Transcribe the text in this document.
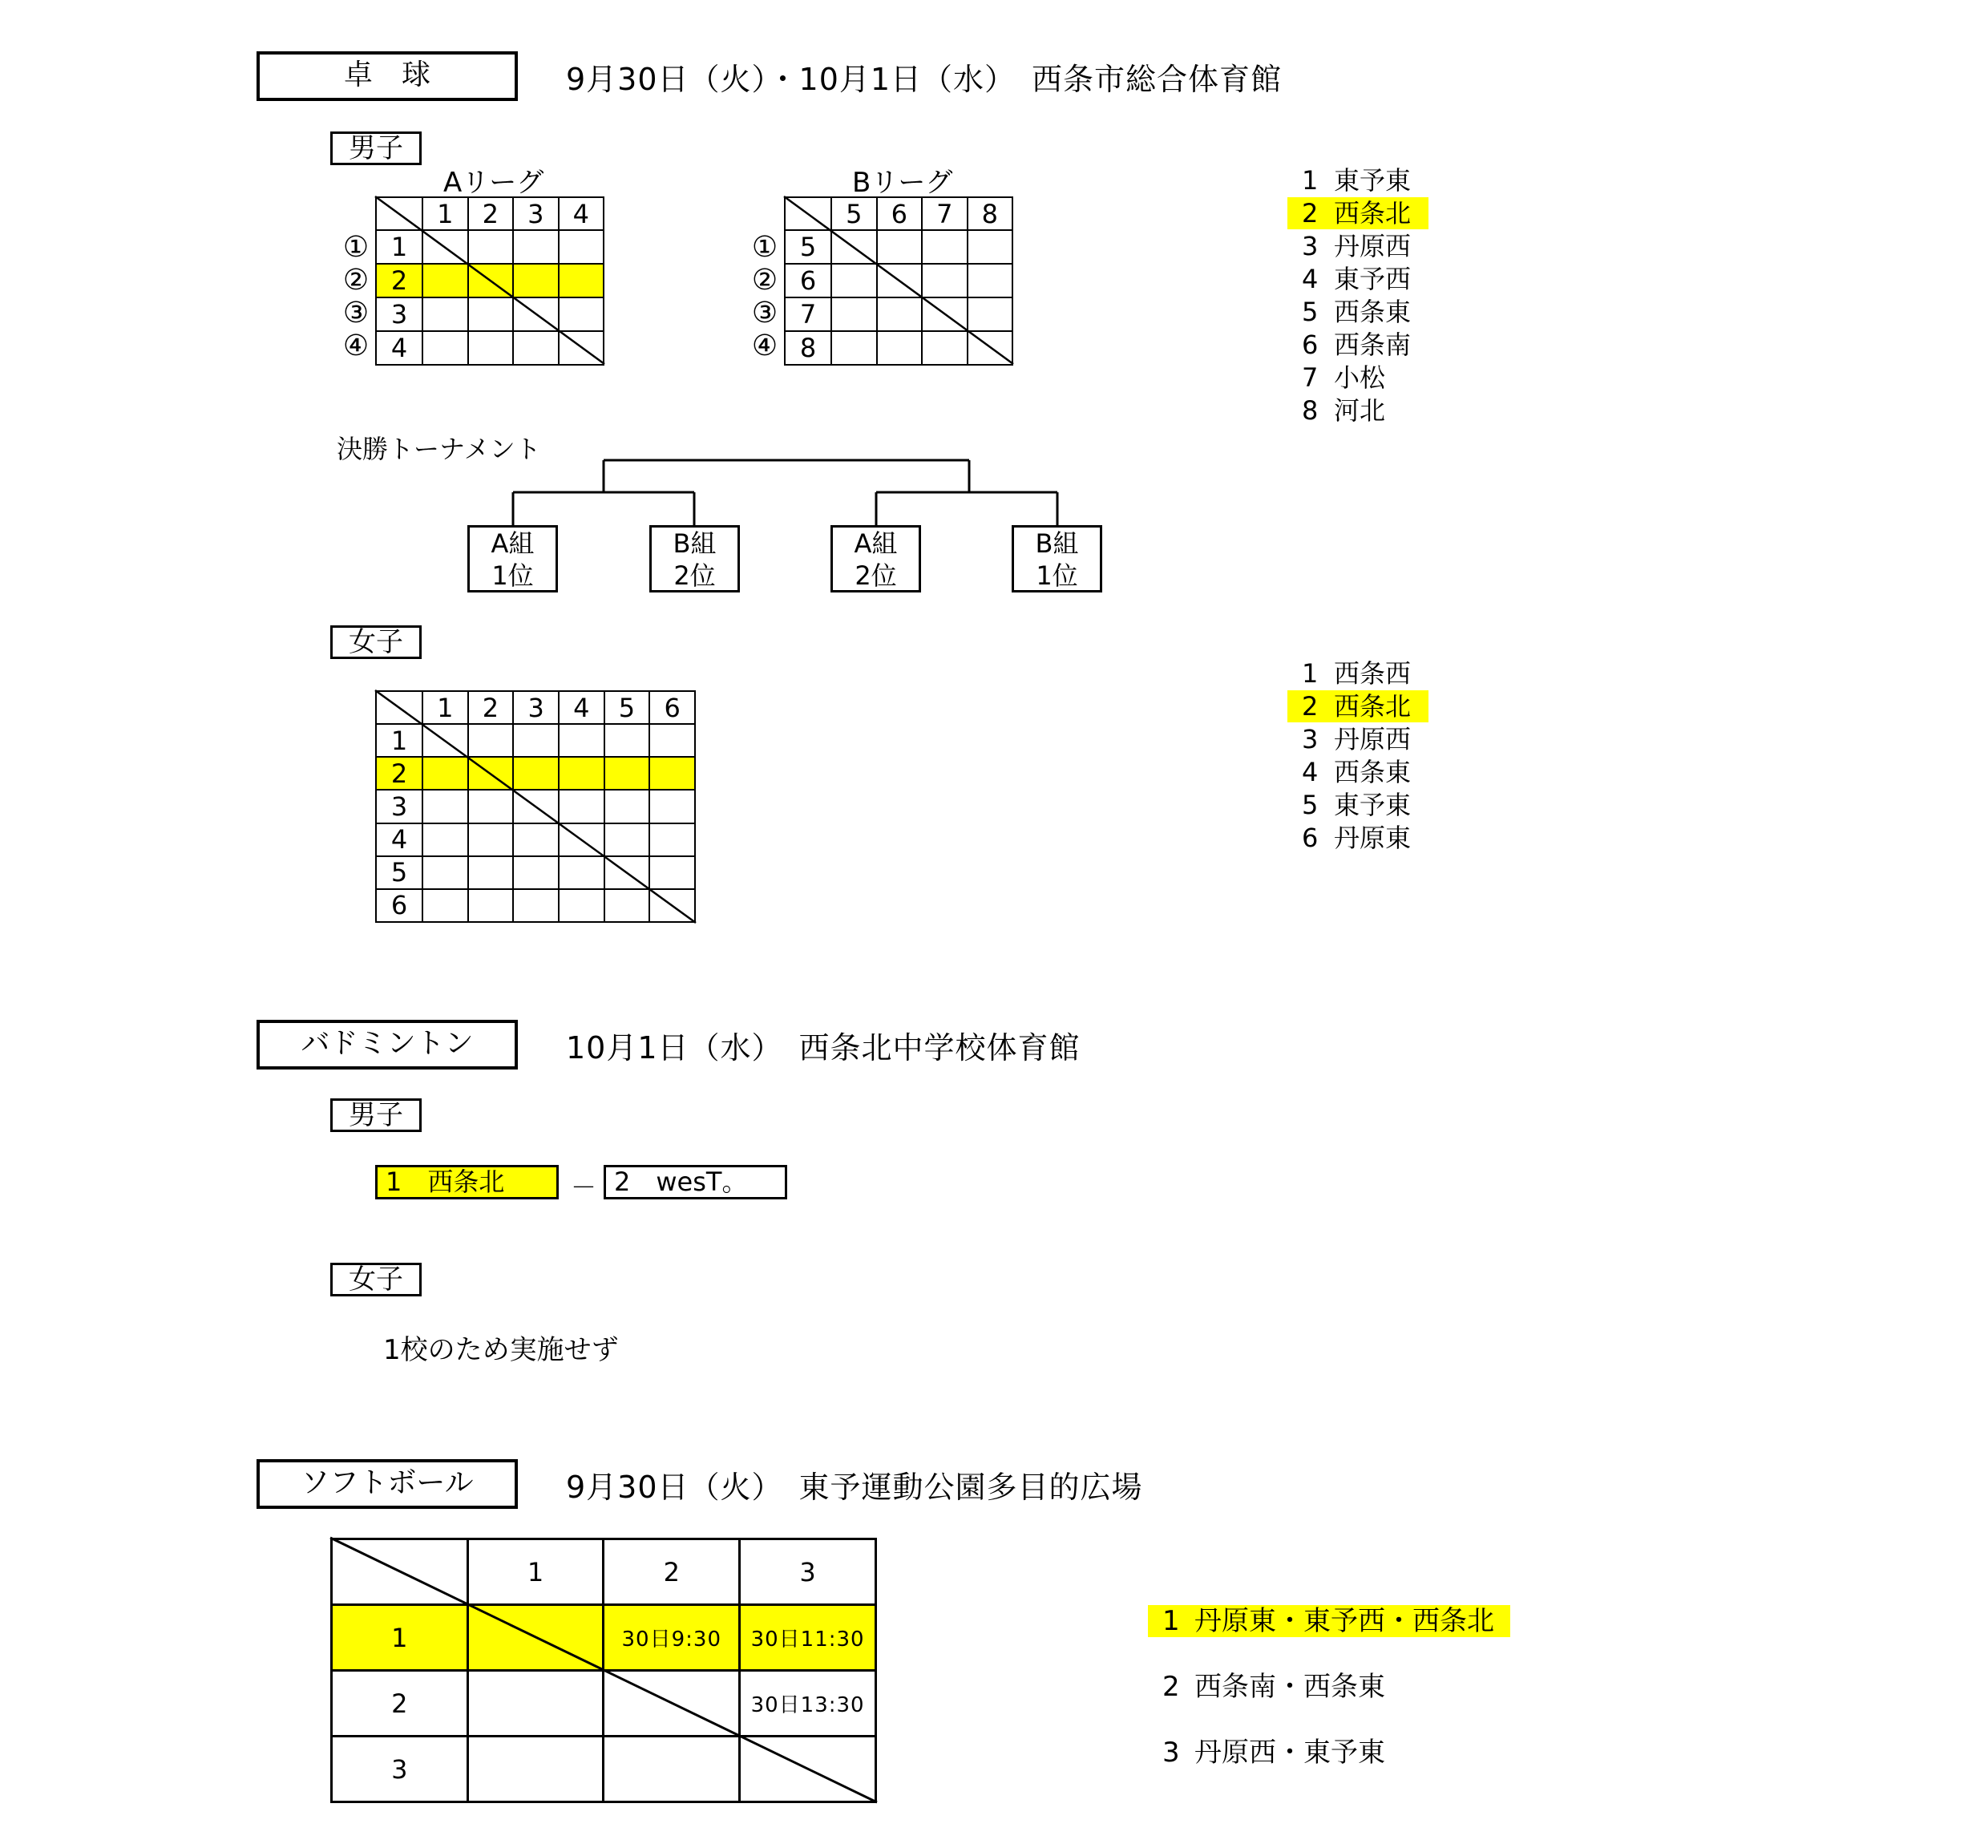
卓　球	9月30日（火）・10月1日（水）　西条市総合体育館
男子
Aリーグ
①
②
③
④
	1	2	3	4
1				
2				
3				
4				
Bリーグ
①
②
③
④
	5	6	7	8
5				
6				
7				
8				
1 東予東
2 西条北
3 丹原西
4 東予西
5 西条東
6 西条南
7 小松
8 河北
決勝トーナメント
A組
1位
B組
2位
A組
2位
B組
1位
女子
	1	2	3	4	5	6
1						
2						
3						
4						
5						
6						
1 西条西
2 西条北
3 丹原西
4 西条東
5 東予東
6 丹原東
バドミントン	10月1日（水）　西条北中学校体育館
男子
1　西条北	－ 2　wesT。
女子
1校のため実施せず
ソフトボール	9月30日（火）　東予運動公園多目的広場
	1	2	3
1		30日9:30	30日11:30
2			30日13:30
3			
1 丹原東・東予西・西条北
2 西条南・西条東
3 丹原西・東予東
